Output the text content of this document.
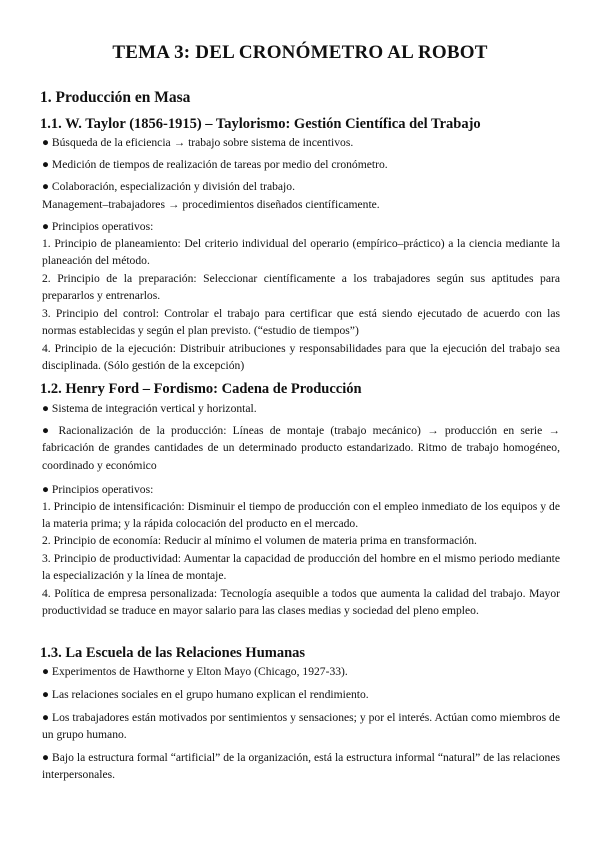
TEMA 3: DEL CRONÓMETRO AL ROBOT
1. Producción en Masa
1.1. W. Taylor (1856-1915) – Taylorismo: Gestión Científica del Trabajo
● Búsqueda de la eficiencia → trabajo sobre sistema de incentivos.
● Medición de tiempos de realización de tareas por medio del cronómetro.
● Colaboración, especialización y división del trabajo.
Management–trabajadores → procedimientos diseñados científicamente.
● Principios operativos:
1. Principio de planeamiento: Del criterio individual del operario (empírico–práctico) a la ciencia mediante la planeación del método.
2. Principio de la preparación: Seleccionar científicamente a los trabajadores según sus aptitudes para prepararlos y entrenarlos.
3. Principio del control: Controlar el trabajo para certificar que está siendo ejecutado de acuerdo con las normas establecidas y según el plan previsto. (“estudio de tiempos”)
4. Principio de la ejecución: Distribuir atribuciones y responsabilidades para que la ejecución del trabajo sea disciplinada. (Sólo gestión de la excepción)
1.2. Henry Ford – Fordismo: Cadena de Producción
● Sistema de integración vertical y horizontal.
● Racionalización de la producción: Líneas de montaje (trabajo mecánico) → producción en serie → fabricación de grandes cantidades de un determinado producto estandarizado. Ritmo de trabajo homogéneo, coordinado y económico
● Principios operativos:
1. Principio de intensificación: Disminuir el tiempo de producción con el empleo inmediato de los equipos y de la materia prima; y la rápida colocación del producto en el mercado.
2. Principio de economía: Reducir al mínimo el volumen de materia prima en transformación.
3. Principio de productividad: Aumentar la capacidad de producción del hombre en el mismo periodo mediante la especialización y la línea de montaje.
4. Política de empresa personalizada: Tecnología asequible a todos que aumenta la calidad del trabajo. Mayor productividad se traduce en mayor salario para las clases medias y sociedad del pleno empleo.
1.3. La Escuela de las Relaciones Humanas
● Experimentos de Hawthorne y Elton Mayo (Chicago, 1927-33).
● Las relaciones sociales en el grupo humano explican el rendimiento.
● Los trabajadores están motivados por sentimientos y sensaciones; y por el interés. Actúan como miembros de un grupo humano.
● Bajo la estructura formal “artificial” de la organización, está la estructura informal “natural” de las relaciones interpersonales.
